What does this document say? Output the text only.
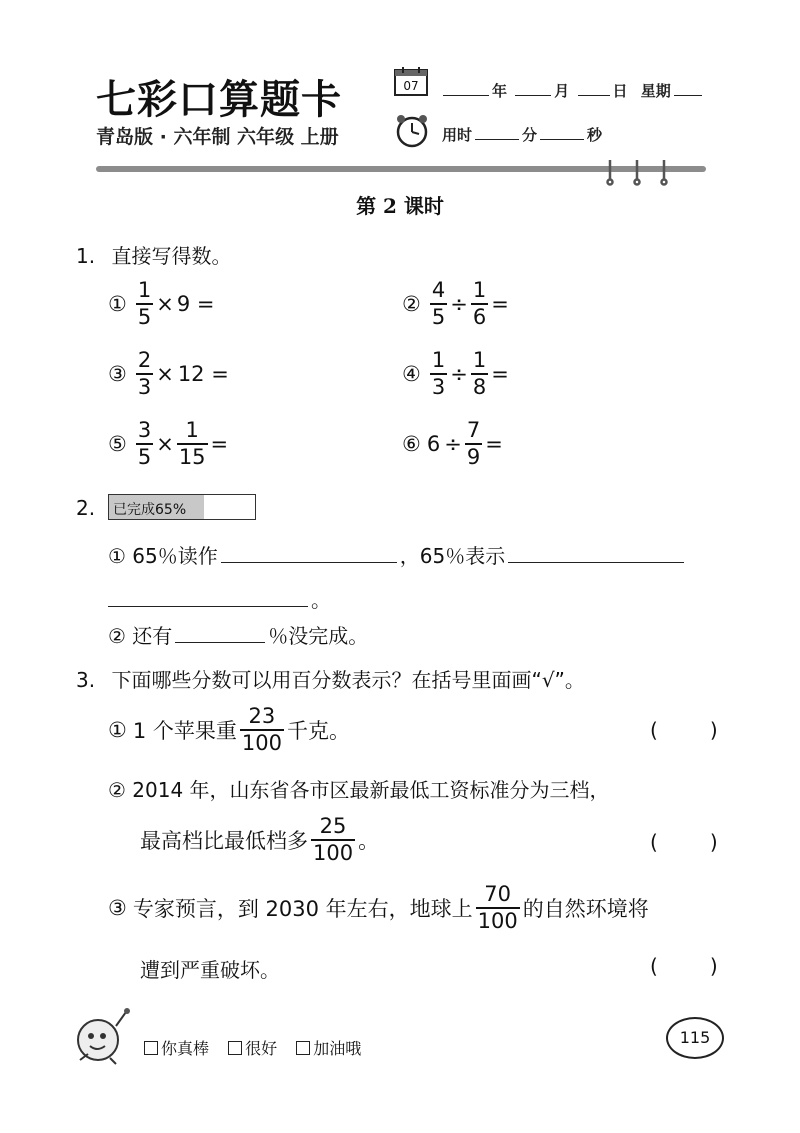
七彩口算题卡
青岛版 · 六年制 六年级 上册
07	年	月	日 星期
用时	分	秒
第 2 课时
1. 直接写得数。
① $\frac{1}{5} \times 9$ =	② $\frac{4}{5} \div \frac{1}{6}$ =
③ $\frac{2}{3} \times 12$ =	④ $\frac{1}{3} \div \frac{1}{8}$ =
⑤ $\frac{3}{5} \times \frac{1}{15}$ =	⑥ $6 \div \frac{7}{9}$ =
2. 已完成65%
① 65％读作	，65％表示
。
② 还有	％没完成。
3. 下面哪些分数可以用百分数表示？在括号里面画“√”。
① 1 个苹果重 $\frac{23}{100}$ 千克。	(	)
② 2014 年，山东省各市区最新最低工资标准分为三档，
最高档比最低档多 $\frac{25}{100}$ 。	(	)
③ 专家预言，到 2030 年左右，地球上 $\frac{70}{100}$ 的自然环境将
遭到严重破坏。	(	)
你真棒 很好 加油哦
115
